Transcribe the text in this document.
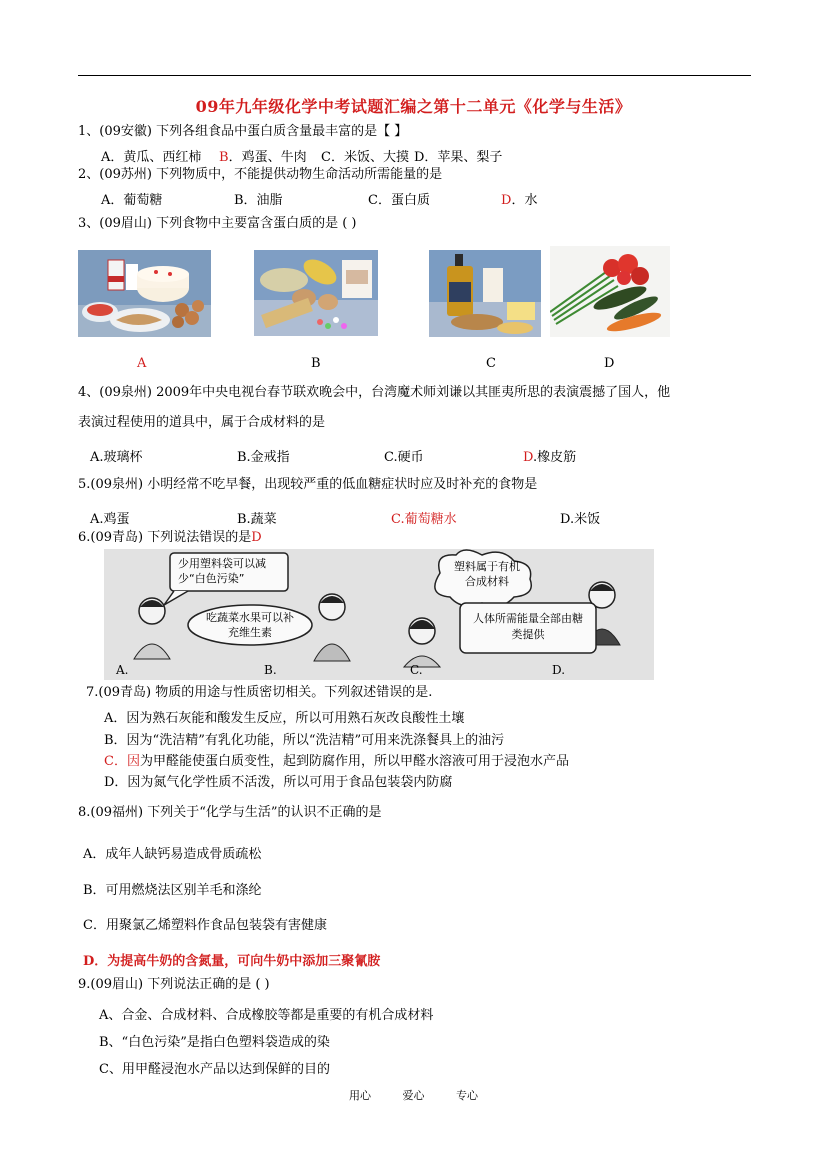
09年九年级化学中考试题汇编之第十二单元《化学与生活》
1、(09安徽) 下列各组食品中蛋白质含量最丰富的是【 】
A．黄瓜、西红柿 B．鸡蛋、牛肉 C．米饭、大摸 D．苹果、梨子
2、(09苏州) 下列物质中，不能提供动物生命活动所需能量的是
A．葡萄糖	B．油脂	C．蛋白质	D．水
3、(09眉山) 下列食物中主要富含蛋白质的是 ( )
A	B	C	D
4、(09泉州) 2009年中央电视台春节联欢晚会中，台湾魔术师刘谦以其匪夷所思的表演震撼了国人，他
表演过程使用的道具中，属于合成材料的是
A.玻璃杯	B.金戒指	C.硬币	D.橡皮筋
5.(09泉州) 小明经常不吃早餐，出现较严重的低血糖症状时应及时补充的食物是
A.鸡蛋	B.蔬菜	C.葡萄糖水	D.米饭
6.(09青岛) 下列说法错误的是D
少用塑料袋可以减少“白色污染”
吃蔬菜水果可以补充维生素
塑料属于有机合成材料
人体所需能量全部由糖类提供
A.	B.	C.	D.
7.(09青岛) 物质的用途与性质密切相关。下列叙述错误的是.
A．因为熟石灰能和酸发生反应，所以可用熟石灰改良酸性土壤
B．因为“洗洁精”有乳化功能，所以“洗洁精”可用来洗涤餐具上的油污
C．因为甲醛能使蛋白质变性，起到防腐作用，所以甲醛水溶液可用于浸泡水产品
D．因为氮气化学性质不活泼，所以可用于食品包装袋内防腐
8.(09福州) 下列关于“化学与生活”的认识不正确的是
A．成年人缺钙易造成骨质疏松
B．可用燃烧法区别羊毛和涤纶
C．用聚氯乙烯塑料作食品包装袋有害健康
D．为提高牛奶的含氮量，可向牛奶中添加三聚氰胺
9.(09眉山) 下列说法正确的是 ( )
A、合金、合成材料、合成橡胶等都是重要的有机合成材料
B、“白色污染”是指白色塑料袋造成的染
C、用甲醛浸泡水产品以达到保鲜的目的
用心	爱心	专心
